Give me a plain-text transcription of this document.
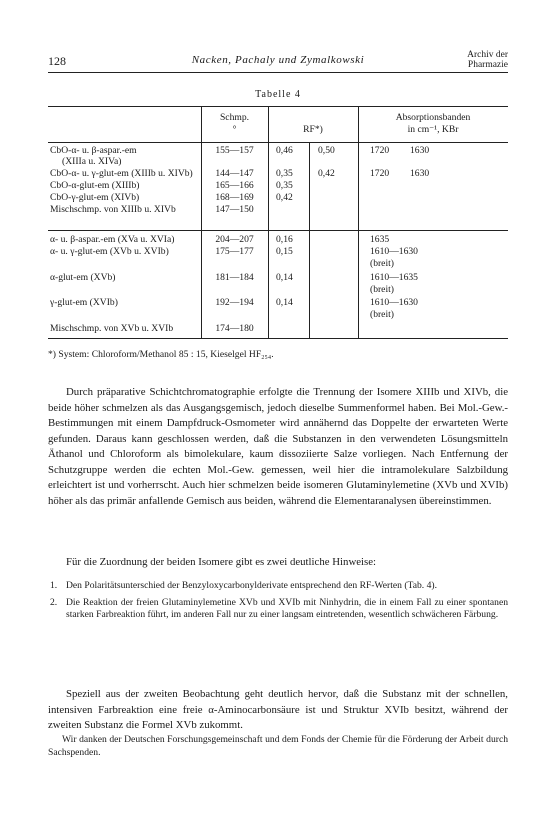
128	Nacken, Pachaly und Zymalkowski	Archiv der
Pharmazie
Tabelle 4
Schmp.
°	RF*)
Absorptionsbanden
in cm⁻¹, KBr
CbO-α- u. β-aspar.-em
(XIIIa u. XIVa)
155—157	0,46	0,50	1720 1630
CbO-α- u. γ-glut-em (XIIIb u. XIVb)	144—147	0,35	0,42	1720 1630
CbO-α-glut-em (XIIIb)	165—166	0,35
CbO-γ-glut-em (XIVb)	168—169	0,42
Mischschmp. von XIIIb u. XIVb	147—150
α- u. β-aspar.-em (XVa u. XVIa)	204—207	0,16	1635
α- u. γ-glut-em (XVb u. XVIb)	175—177	0,15	1610—1630
(breit)
α-glut-em (XVb)	181—184	0,14	1610—1635
(breit)
γ-glut-em (XVIb)	192—194	0,14	1610—1630
(breit)
Mischschmp. von XVb u. XVIb	174—180
*) System: Chloroform/Methanol 85 : 15, Kieselgel HF₂₅₄.

Durch präparative Schichtchromatographie erfolgte die Trennung der Isomere XIIIb und XIVb, die beide höher schmelzen als das Ausgangsgemisch, jedoch dieselbe Summenformel haben. Bei Mol.-Gew.-Bestimmungen mit einem Dampfdruck-Osmometer wird annähernd das Doppelte der erwarteten Werte gefunden. Daraus kann geschlossen werden, daß die Substanzen in den verwendeten Lösungsmitteln Äthanol und Chloroform als bimolekulare, kaum dissoziierte Salze vorliegen. Nach Entfernung der Schutzgruppe werden die echten Mol.-Gew. gemessen, weil hier die intramolekulare Salzbildung erleichtert ist und vorherrscht. Auch hier schmelzen beide isomeren Glutaminylemetine (XVb und XVIb) höher als das primär anfallende Gemisch aus beiden, während die Elementaranalysen übereinstimmen.

Für die Zuordnung der beiden Isomere gibt es zwei deutliche Hinweise:

1. Den Polaritätsunterschied der Benzyloxycarbonylderivate entsprechend den RF-Werten (Tab. 4).
2. Die Reaktion der freien Glutaminylemetine XVb und XVIb mit Ninhydrin, die in einem Fall zu einer spontanen starken Farbreaktion führt, im anderen Fall nur zu einer langsam eintretenden, wesentlich schwächeren Färbung.

Speziell aus der zweiten Beobachtung geht deutlich hervor, daß die Substanz mit der schnellen, intensiven Farbreaktion eine freie α-Aminocarbonsäure ist und Struktur XVIb besitzt, während der zweiten Substanz die Formel XVb zukommt.

Wir danken der Deutschen Forschungsgemeinschaft und dem Fonds der Chemie für die Förderung der Arbeit durch Sachspenden.
